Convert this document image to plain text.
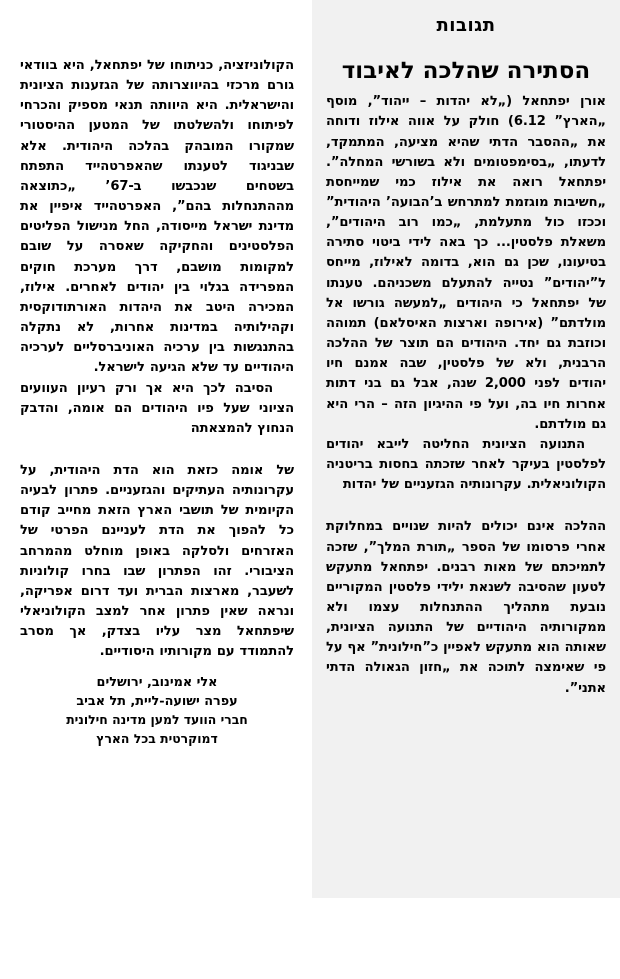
תגובות
הסתירה שהלכה לאיבוד

אורן יפתחאל („לא יהדות – ייהוד”, מוסף „הארץ” 6.12) חולק על אווה אילוז ודוחה את „ההסבר הדתי שהיא מציעה, המתמקד, לדעתו, „בסימפטומים ולא בשורשי המחלה”. יפתחאל רואה את אילוז כמי שמייחסת „חשיבות מוגזמת למתרחש ב’הבועה’ היהודית” וככזו כול מתעלמת, „כמו רוב היהודים”, משאלת פלסטין... כך באה לידי ביטוי סתירה בטיעונו, שכן גם הוא, בדומה לאילוז, מייחס ל”יהודים” נטייה להתעלם משכניהם. טענתו של יפתחאל כי היהודים „למעשה גורשו אל מולדתם” (אירופה וארצות האיסלאם) תמוהה וכוזבת גם יחד. היהודים הם תוצר של ההלכה הרבנית, ולא של פלסטין, שבה אמנם חיו יהודים לפני 2,000 שנה, אבל גם בני דתות אחרות חיו בה, ועל פי ההיגיון הזה – הרי היא גם מולדתם.

התנועה הציונית החליטה לייבא יהודים לפלסטין בעיקר לאחר שזכתה בחסות בריטניה הקולוניאלית. עקרונותיה הגזעניים של יהדות

ההלכה אינם יכולים להיות שנויים במחלוקת אחרי פרסומו של הספר „תורת המלך”, שזכה לתמיכתם של מאות רבנים. יפתחאל מתעקש לטעון שהסיבה לשנאת ילידי פלסטין המקוריים נובעת מתהליך ההתנחלות עצמו ולא ממקורותיה היהודיים של התנועה הציונית, שאותה הוא מתעקש לאפיין כ”חילונית” אף על פי שאימצה לתוכה את „חזון הגאולה הדתי אתני”.

הקולוניזציה, כניתוחו של יפתחאל, היא בוודאי גורם מרכזי בהיווצרותה של הגזענות הציונית והישראלית. היא היוותה תנאי מספיק והכרחי לפיתוחו ולהשלטתו של המטען ההיסטורי שמקורו המובהק בהלכה היהודית. אלא שבניגוד לטענתו שהאפרטהייד התפתח בשטחים שנכבשו ב-67’ „כתוצאה מההתנחלות בהם”, האפרטהייד איפיין את מדינת ישראל מייסודה, החל מנישול הפליטים הפלסטינים והחקיקה שאסרה על שובם למקומות מושבם, דרך מערכת חוקים המפרידה בגלוי בין יהודים לאחרים. אילוז, המכירה היטב את היהדות האורתודוקסית וקהילותיה במדינות אחרות, לא נתקלה בהתנגשות בין ערכיה האוניברסליים לערכיה היהודיים עד שלא הגיעה לישראל.

הסיבה לכך היא אך ורק רעיון העוועים הציוני שעל פיו היהודים הם אומה, והדבק הנחוץ להמצאתה

של אומה כזאת הוא הדת היהודית, על עקרונותיה העתיקים והגזעניים. פתרון לבעיה הקיומית של תושבי הארץ הזאת מחייב קודם כל להפוך את הדת לעניינם הפרטי של האזרחים ולסלקה באופן מוחלט מהמרחב הציבורי. זהו הפתרון שבו בחרו קולוניות לשעבר, מארצות הברית ועד דרום אפריקה, ונראה שאין פתרון אחר למצב הקולוניאלי שיפתחאל מצר עליו בצדק, אך מסרב להתמודד עם מקורותיו היסודיים.

אלי אמינוב, ירושלים
עפרה ישועה-ליית, תל אביב
חברי הוועד למען מדינה חילונית
דמוקרטית בכל הארץ
